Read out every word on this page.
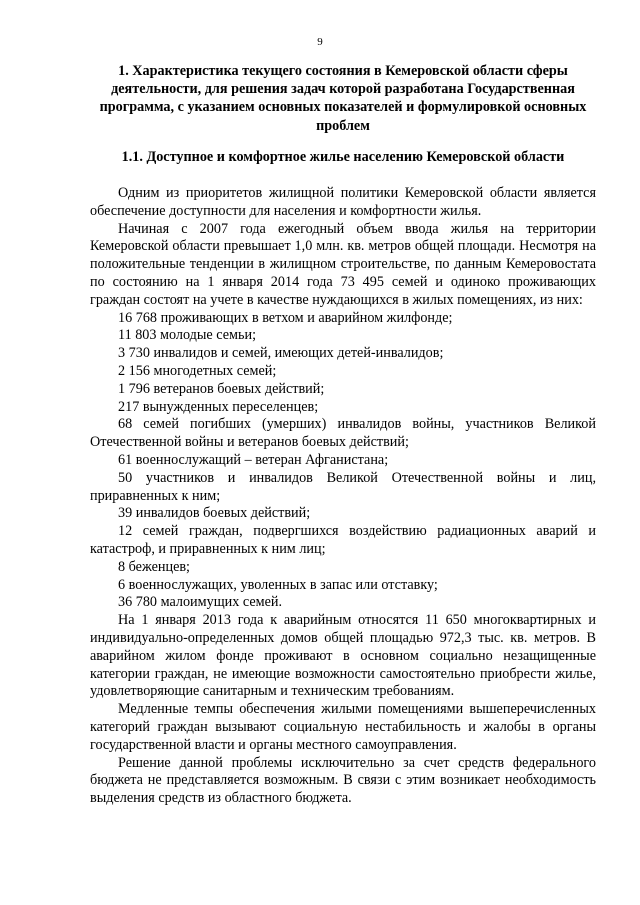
9
1. Характеристика текущего состояния в Кемеровской области сферы деятельности, для решения задач которой разработана Государственная программа, с указанием основных показателей и формулировкой основных проблем
1.1. Доступное и комфортное жилье населению Кемеровской области

Одним из приоритетов жилищной политики Кемеровской области является обеспечение доступности для населения и комфортности жилья.

Начиная с 2007 года ежегодный объем ввода жилья на территории Кемеровской области превышает 1,0 млн. кв. метров общей площади. Несмотря на положительные тенденции в жилищном строительстве, по данным Кемеровостата по состоянию на 1 января 2014 года 73 495 семей и одиноко проживающих граждан состоят на учете в качестве нуждающихся в жилых помещениях, из них:

16 768 проживающих в ветхом и аварийном жилфонде;

11 803 молодые семьи;

3 730 инвалидов и семей, имеющих детей-инвалидов;

2 156 многодетных семей;

1 796 ветеранов боевых действий;

217 вынужденных переселенцев;

68 семей погибших (умерших) инвалидов войны, участников Великой Отечественной войны и ветеранов боевых действий;

61 военнослужащий – ветеран Афганистана;

50 участников и инвалидов Великой Отечественной войны и лиц, приравненных к ним;

39 инвалидов боевых действий;

12 семей граждан, подвергшихся воздействию радиационных аварий и катастроф, и приравненных к ним лиц;

8 беженцев;

6 военнослужащих, уволенных в запас или отставку;

36 780 малоимущих семей.

На 1 января 2013 года к аварийным относятся 11 650 многоквартирных и индивидуально-определенных домов общей площадью 972,3 тыс. кв. метров. В аварийном жилом фонде проживают в основном социально незащищенные категории граждан, не имеющие возможности самостоятельно приобрести жилье, удовлетворяющие санитарным и техническим требованиям.

Медленные темпы обеспечения жилыми помещениями вышеперечисленных категорий граждан вызывают социальную нестабильность и жалобы в органы государственной власти и органы местного самоуправления.

Решение данной проблемы исключительно за счет средств федерального бюджета не представляется возможным. В связи с этим возникает необходимость выделения средств из областного бюджета.
